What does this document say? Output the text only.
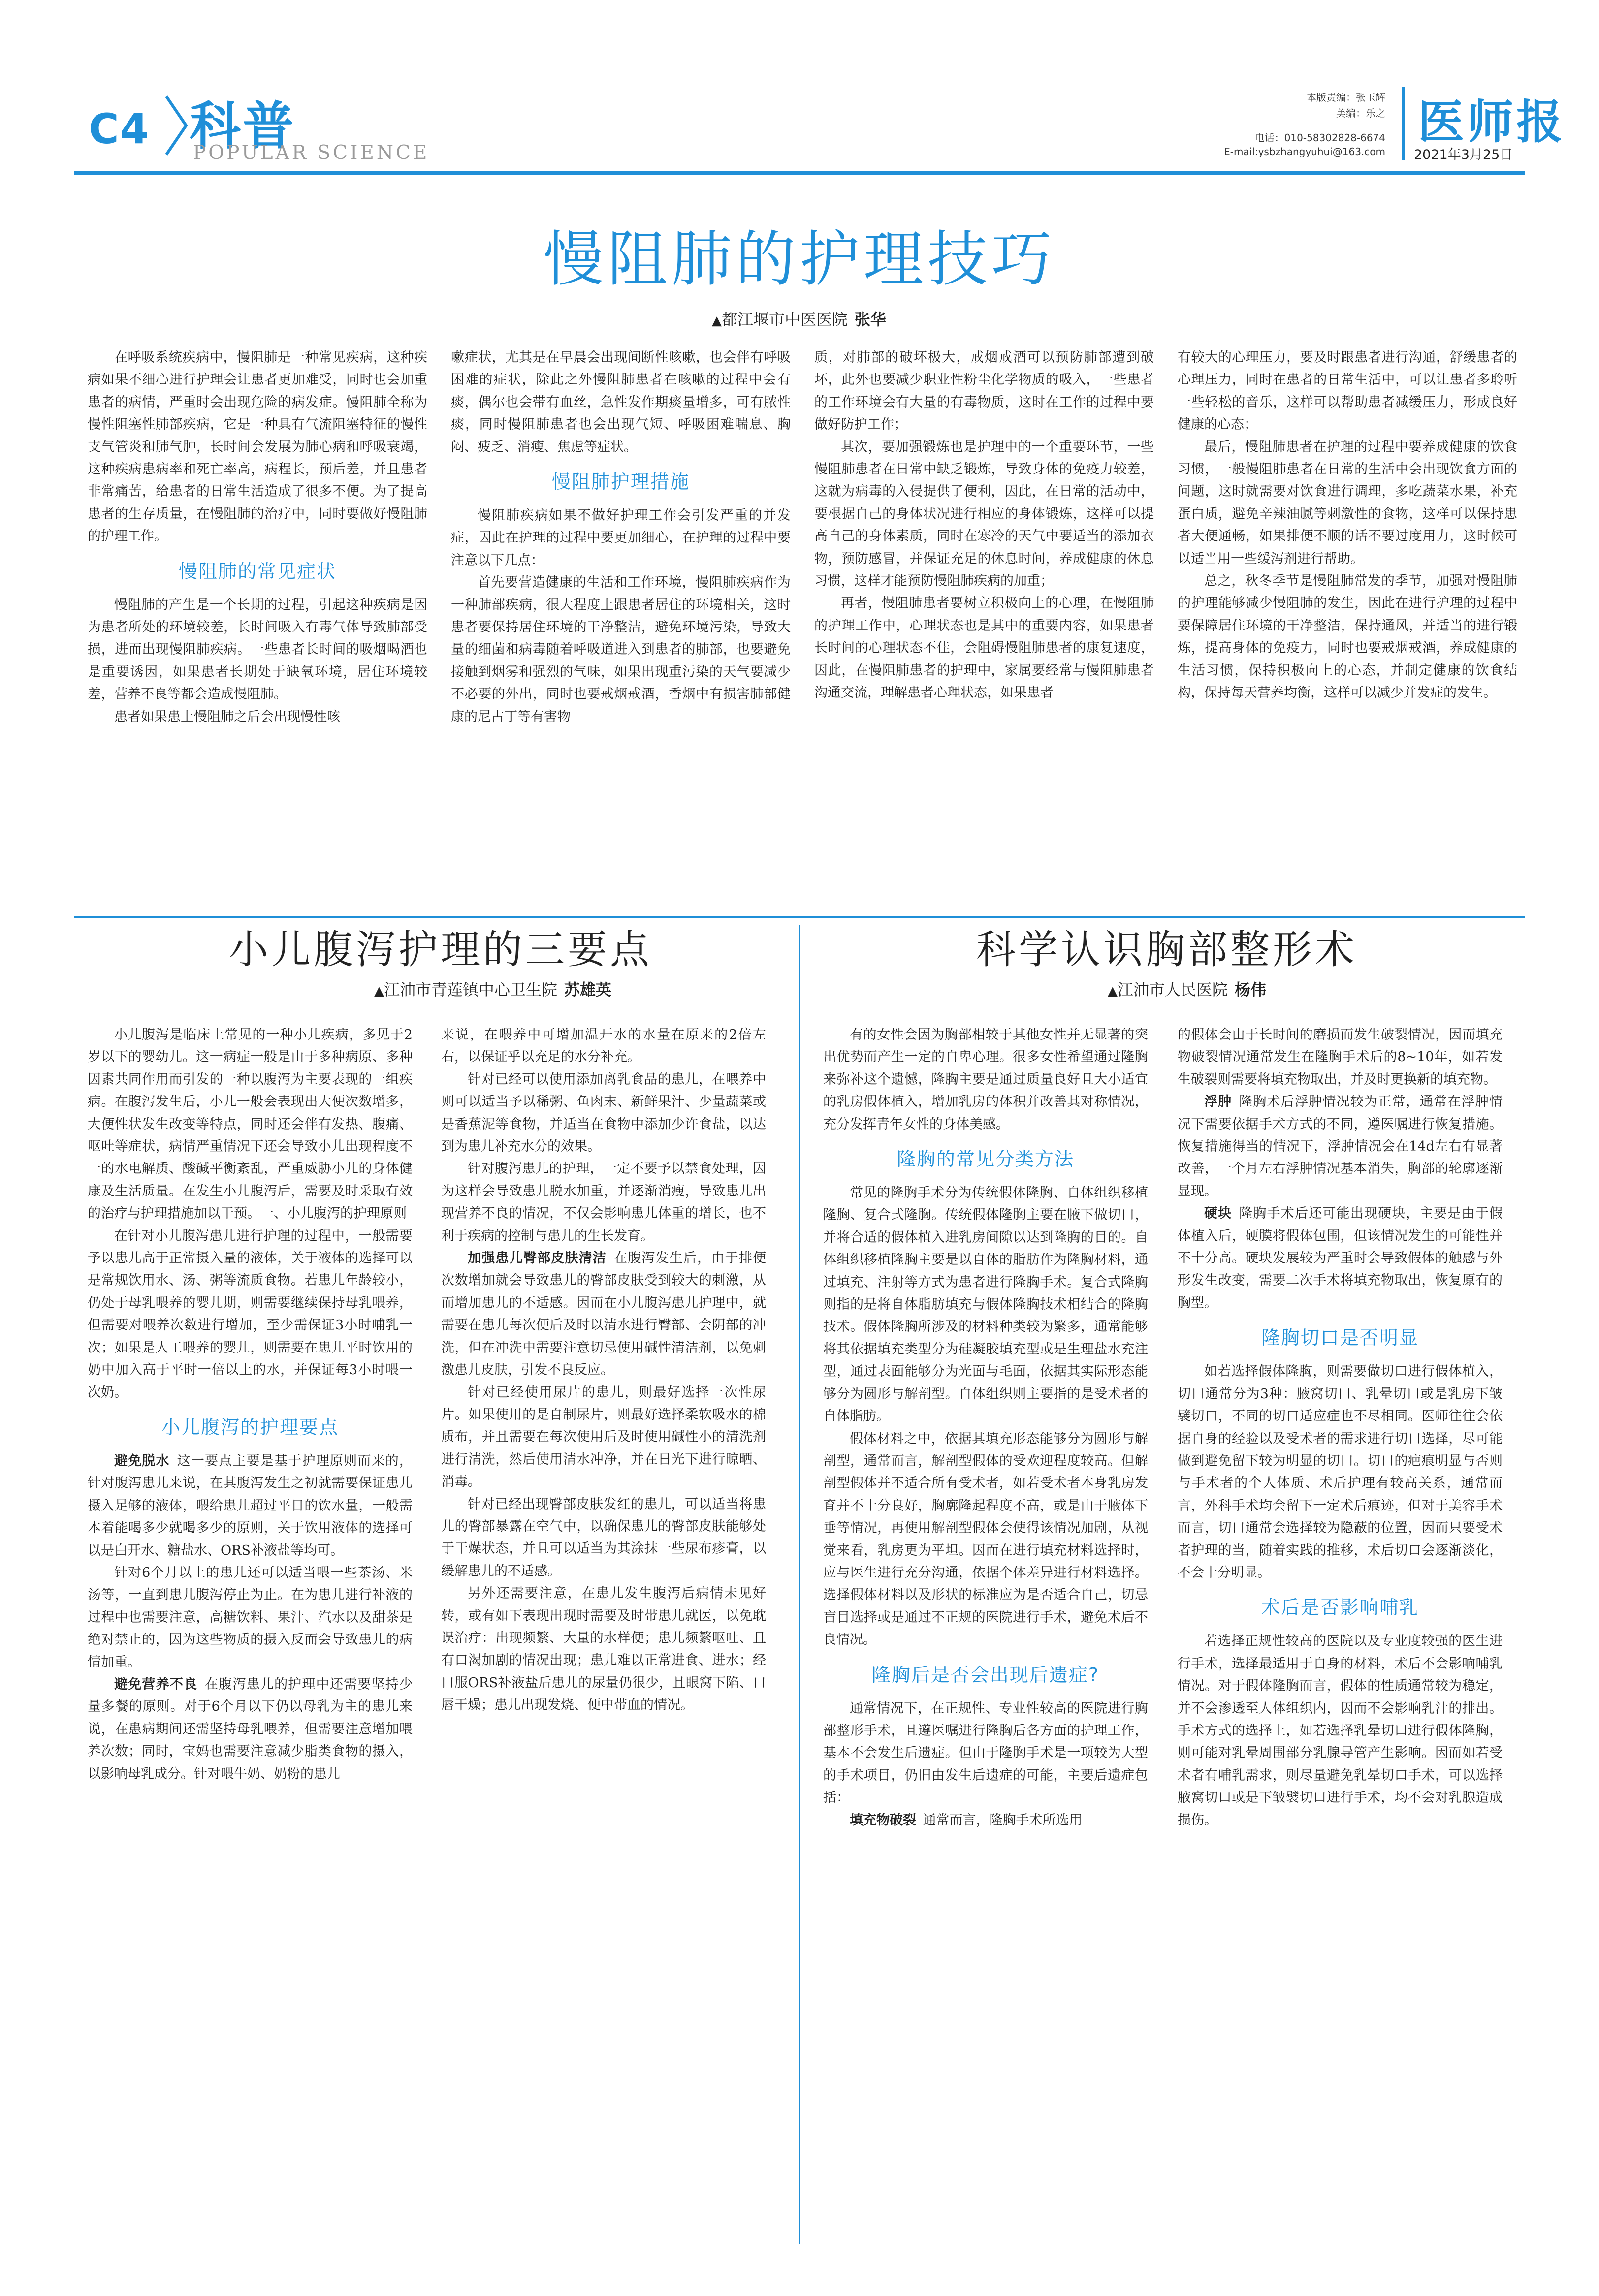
C4 科普
POPULAR SCIENCE
本版责编：张玉辉
美编：乐之
电话：010-58302828-6674
E-mail:ysbzhangyuhui@163.com
医师报
2021年3月25日
慢阻肺的护理技巧
▲都江堰市中医医院 张华

在呼吸系统疾病中，慢阻肺是一种常见疾病，这种疾病如果不细心进行护理会让患者更加难受，同时也会加重患者的病情，严重时会出现危险的病发症。慢阻肺全称为慢性阻塞性肺部疾病，它是一种具有气流阻塞特征的慢性支气管炎和肺气肿，长时间会发展为肺心病和呼吸衰竭，这种疾病患病率和死亡率高，病程长，预后差，并且患者非常痛苦，给患者的日常生活造成了很多不便。为了提高患者的生存质量，在慢阻肺的治疗中，同时要做好慢阻肺的护理工作。

慢阻肺的常见症状

慢阻肺的产生是一个长期的过程，引起这种疾病是因为患者所处的环境较差，长时间吸入有毒气体导致肺部受损，进而出现慢阻肺疾病。一些患者长时间的吸烟喝酒也是重要诱因，如果患者长期处于缺氧环境，居住环境较差，营养不良等都会造成慢阻肺。

患者如果患上慢阻肺之后会出现慢性咳

嗽症状，尤其是在早晨会出现间断性咳嗽，也会伴有呼吸困难的症状，除此之外慢阻肺患者在咳嗽的过程中会有痰，偶尔也会带有血丝，急性发作期痰量增多，可有脓性痰，同时慢阻肺患者也会出现气短、呼吸困难喘息、胸闷、疲乏、消瘦、焦虑等症状。

慢阻肺护理措施

慢阻肺疾病如果不做好护理工作会引发严重的并发症，因此在护理的过程中要更加细心，在护理的过程中要注意以下几点：

首先要营造健康的生活和工作环境，慢阻肺疾病作为一种肺部疾病，很大程度上跟患者居住的环境相关，这时患者要保持居住环境的干净整洁，避免环境污染，导致大量的细菌和病毒随着呼吸道进入到患者的肺部，也要避免接触到烟雾和强烈的气味，如果出现重污染的天气要减少不必要的外出，同时也要戒烟戒酒，香烟中有损害肺部健康的尼古丁等有害物

质，对肺部的破坏极大，戒烟戒酒可以预防肺部遭到破坏，此外也要减少职业性粉尘化学物质的吸入，一些患者的工作环境会有大量的有毒物质，这时在工作的过程中要做好防护工作；

其次，要加强锻炼也是护理中的一个重要环节，一些慢阻肺患者在日常中缺乏锻炼，导致身体的免疫力较差，这就为病毒的入侵提供了便利，因此，在日常的活动中，要根据自己的身体状况进行相应的身体锻炼，这样可以提高自己的身体素质，同时在寒冷的天气中要适当的添加衣物，预防感冒，并保证充足的休息时间，养成健康的休息习惯，这样才能预防慢阻肺疾病的加重；

再者，慢阻肺患者要树立积极向上的心理，在慢阻肺的护理工作中，心理状态也是其中的重要内容，如果患者长时间的心理状态不佳，会阻碍慢阻肺患者的康复速度，因此，在慢阻肺患者的护理中，家属要经常与慢阻肺患者沟通交流，理解患者心理状态，如果患者

有较大的心理压力，要及时跟患者进行沟通，舒缓患者的心理压力，同时在患者的日常生活中，可以让患者多聆听一些轻松的音乐，这样可以帮助患者减缓压力，形成良好健康的心态；

最后，慢阻肺患者在护理的过程中要养成健康的饮食习惯，一般慢阻肺患者在日常的生活中会出现饮食方面的问题，这时就需要对饮食进行调理，多吃蔬菜水果，补充蛋白质，避免辛辣油腻等刺激性的食物，这样可以保持患者大便通畅，如果排便不顺的话不要过度用力，这时候可以适当用一些缓泻剂进行帮助。

总之，秋冬季节是慢阻肺常发的季节，加强对慢阻肺的护理能够减少慢阻肺的发生，因此在进行护理的过程中要保障居住环境的干净整洁，保持通风，并适当的进行锻炼，提高身体的免疫力，同时也要戒烟戒酒，养成健康的生活习惯，保持积极向上的心态，并制定健康的饮食结构，保持每天营养均衡，这样可以减少并发症的发生。

小儿腹泻护理的三要点
▲江油市青莲镇中心卫生院 苏雄英

小儿腹泻是临床上常见的一种小儿疾病，多见于2岁以下的婴幼儿。这一病症一般是由于多种病原、多种因素共同作用而引发的一种以腹泻为主要表现的一组疾病。在腹泻发生后，小儿一般会表现出大便次数增多，大便性状发生改变等特点，同时还会伴有发热、腹痛、呕吐等症状，病情严重情况下还会导致小儿出现程度不一的水电解质、酸碱平衡紊乱，严重威胁小儿的身体健康及生活质量。在发生小儿腹泻后，需要及时采取有效的治疗与护理措施加以干预。一、小儿腹泻的护理原则

在针对小儿腹泻患儿进行护理的过程中，一般需要予以患儿高于正常摄入量的液体，关于液体的选择可以是常规饮用水、汤、粥等流质食物。若患儿年龄较小，仍处于母乳喂养的婴儿期，则需要继续保持母乳喂养，但需要对喂养次数进行增加，至少需保证3小时哺乳一次；如果是人工喂养的婴儿，则需要在患儿平时饮用的奶中加入高于平时一倍以上的水，并保证每3小时喂一次奶。

小儿腹泻的护理要点

避免脱水  这一要点主要是基于护理原则而来的，针对腹泻患儿来说，在其腹泻发生之初就需要保证患儿摄入足够的液体，喂给患儿超过平日的饮水量，一般需本着能喝多少就喝多少的原则，关于饮用液体的选择可以是白开水、糖盐水、ORS补液盐等均可。

针对6个月以上的患儿还可以适当喂一些茶汤、米汤等，一直到患儿腹泻停止为止。在为患儿进行补液的过程中也需要注意，高糖饮料、果汁、汽水以及甜茶是绝对禁止的，因为这些物质的摄入反而会导致患儿的病情加重。

避免营养不良  在腹泻患儿的护理中还需要坚持少量多餐的原则。对于6个月以下仍以母乳为主的患儿来说，在患病期间还需坚持母乳喂养，但需要注意增加喂养次数；同时，宝妈也需要注意减少脂类食物的摄入，以影响母乳成分。针对喂牛奶、奶粉的患儿

来说，在喂养中可增加温开水的水量在原来的2倍左右，以保证乎以充足的水分补充。

针对已经可以使用添加离乳食品的患儿，在喂养中则可以适当予以稀粥、鱼肉末、新鲜果汁、少量蔬菜或是香蕉泥等食物，并适当在食物中添加少许食盐，以达到为患儿补充水分的效果。

针对腹泻患儿的护理，一定不要予以禁食处理，因为这样会导致患儿脱水加重，并逐渐消瘦，导致患儿出现营养不良的情况，不仅会影响患儿体重的增长，也不利于疾病的控制与患儿的生长发育。

加强患儿臀部皮肤清洁  在腹泻发生后，由于排便次数增加就会导致患儿的臀部皮肤受到较大的刺激，从而增加患儿的不适感。因而在小儿腹泻患儿护理中，就需要在患儿每次便后及时以清水进行臀部、会阴部的冲洗，但在冲洗中需要注意切忌使用碱性清洁剂，以免刺激患儿皮肤，引发不良反应。

针对已经使用尿片的患儿，则最好选择一次性尿片。如果使用的是自制尿片，则最好选择柔软吸水的棉质布，并且需要在每次使用后及时使用碱性小的清洗剂进行清洗，然后使用清水冲净，并在日光下进行晾晒、消毒。

针对已经出现臀部皮肤发红的患儿，可以适当将患儿的臀部暴露在空气中，以确保患儿的臀部皮肤能够处于干燥状态，并且可以适当为其涂抹一些尿布疹膏，以缓解患儿的不适感。

另外还需要注意，在患儿发生腹泻后病情未见好转，或有如下表现出现时需要及时带患儿就医，以免耽误治疗：出现频繁、大量的水样便；患儿频繁呕吐、且有口渴加剧的情况出现；患儿难以正常进食、进水；经口服ORS补液盐后患儿的尿量仍很少，且眼窝下陷、口唇干燥；患儿出现发烧、便中带血的情况。

科学认识胸部整形术
▲江油市人民医院 杨伟

有的女性会因为胸部相较于其他女性并无显著的突出优势而产生一定的自卑心理。很多女性希望通过隆胸来弥补这个遗憾，隆胸主要是通过质量良好且大小适宜的乳房假体植入，增加乳房的体积并改善其对称情况，充分发挥青年女性的身体美感。

隆胸的常见分类方法

常见的隆胸手术分为传统假体隆胸、自体组织移植隆胸、复合式隆胸。传统假体隆胸主要在腋下做切口，并将合适的假体植入进乳房间隙以达到隆胸的目的。自体组织移植隆胸主要是以自体的脂肪作为隆胸材料，通过填充、注射等方式为患者进行隆胸手术。复合式隆胸则指的是将自体脂肪填充与假体隆胸技术相结合的隆胸技术。假体隆胸所涉及的材料种类较为繁多，通常能够将其依据填充类型分为硅凝胶填充型或是生理盐水充注型，通过表面能够分为光面与毛面，依据其实际形态能够分为圆形与解剖型。自体组织则主要指的是受术者的自体脂肪。

假体材料之中，依据其填充形态能够分为圆形与解剖型，通常而言，解剖型假体的受欢迎程度较高。但解剖型假体并不适合所有受术者，如若受术者本身乳房发育并不十分良好，胸廓隆起程度不高，或是由于腋体下垂等情况，再使用解剖型假体会使得该情况加剧，从视觉来看，乳房更为平坦。因而在进行填充材料选择时，应与医生进行充分沟通，依据个体差异进行材料选择。选择假体材料以及形状的标准应为是否适合自己，切忌盲目选择或是通过不正规的医院进行手术，避免术后不良情况。

隆胸后是否会出现后遗症?

通常情况下，在正规性、专业性较高的医院进行胸部整形手术，且遵医嘱进行隆胸后各方面的护理工作，基本不会发生后遗症。但由于隆胸手术是一项较为大型的手术项目，仍旧由发生后遗症的可能，主要后遗症包括：

填充物破裂  通常而言，隆胸手术所选用

的假体会由于长时间的磨损而发生破裂情况，因而填充物破裂情况通常发生在隆胸手术后的8~10年，如若发生破裂则需要将填充物取出，并及时更换新的填充物。

浮肿  隆胸术后浮肿情况较为正常，通常在浮肿情况下需要依据手术方式的不同，遵医嘱进行恢复措施。恢复措施得当的情况下，浮肿情况会在14d左右有显著改善，一个月左右浮肿情况基本消失，胸部的轮廓逐渐显现。

硬块  隆胸手术后还可能出现硬块，主要是由于假体植入后，硬膜将假体包围，但该情况发生的可能性并不十分高。硬块发展较为严重时会导致假体的触感与外形发生改变，需要二次手术将填充物取出，恢复原有的胸型。

隆胸切口是否明显

如若选择假体隆胸，则需要做切口进行假体植入，切口通常分为3种：腋窝切口、乳晕切口或是乳房下皱襞切口，不同的切口适应症也不尽相同。医师往往会依据自身的经验以及受术者的需求进行切口选择，尽可能做到避免留下较为明显的切口。切口的疤痕明显与否则与手术者的个人体质、术后护理有较高关系，通常而言，外科手术均会留下一定术后痕迹，但对于美容手术而言，切口通常会选择较为隐蔽的位置，因而只要受术者护理的当，随着实践的推移，术后切口会逐渐淡化，不会十分明显。

术后是否影响哺乳

若选择正规性较高的医院以及专业度较强的医生进行手术，选择最适用于自身的材料，术后不会影响哺乳情况。对于假体隆胸而言，假体的性质通常较为稳定，并不会渗透至人体组织内，因而不会影响乳汁的排出。手术方式的选择上，如若选择乳晕切口进行假体隆胸，则可能对乳晕周围部分乳腺导管产生影响。因而如若受术者有哺乳需求，则尽量避免乳晕切口手术，可以选择腋窝切口或是下皱襞切口进行手术，均不会对乳腺造成损伤。
